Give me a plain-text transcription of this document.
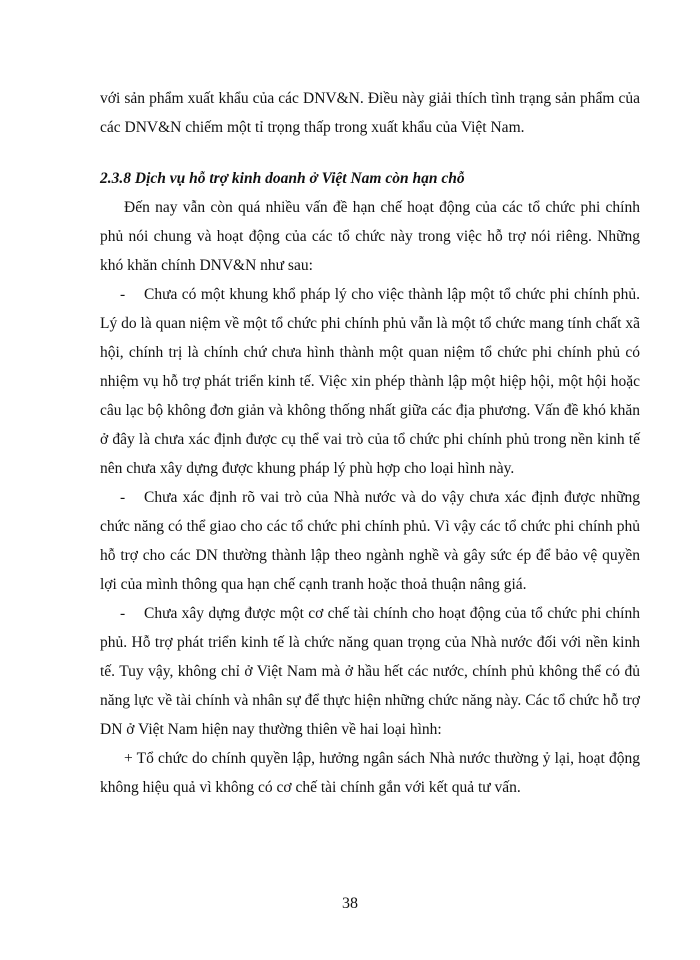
với sản phẩm xuất khẩu của các DNV&N. Điều này giải thích tình trạng sản phẩm của các DNV&N chiếm một tỉ trọng thấp trong xuất khẩu của Việt Nam.

2.3.8 Dịch vụ hỗ trợ kinh doanh ở Việt Nam còn hạn chỗ

Đến nay vẫn còn quá nhiều vấn đề hạn chế hoạt động của các tổ chức phi chính phủ nói chung và hoạt động của các tổ chức này trong việc hỗ trợ nói riêng. Những khó khăn chính DNV&N như sau:

- Chưa có một khung khổ pháp lý cho việc thành lập một tổ chức phi chính phủ. Lý do là quan niệm về một tổ chức phi chính phủ vẫn là một tổ chức mang tính chất xã hội, chính trị là chính chứ chưa hình thành một quan niệm tổ chức phi chính phủ có nhiệm vụ hỗ trợ phát triển kinh tế. Việc xin phép thành lập một hiệp hội, một hội hoặc câu lạc bộ không đơn giản và không thống nhất giữa các địa phương. Vấn đề khó khăn ở đây là chưa xác định được cụ thể vai trò của tổ chức phi chính phủ trong nền kinh tế nên chưa xây dựng được khung pháp lý phù hợp cho loại hình này.

- Chưa xác định rõ vai trò của Nhà nước và do vậy chưa xác định được những chức năng có thể giao cho các tổ chức phi chính phủ. Vì vậy các tổ chức phi chính phủ hỗ trợ cho các DN thường thành lập theo ngành nghề và gây sức ép để bảo vệ quyền lợi của mình thông qua hạn chế cạnh tranh hoặc thoả thuận nâng giá.

- Chưa xây dựng được một cơ chế tài chính cho hoạt động của tổ chức phi chính phủ. Hỗ trợ phát triển kinh tế là chức năng quan trọng của Nhà nước đối với nền kinh tế. Tuy vậy, không chỉ ở Việt Nam mà ở hầu hết các nước, chính phủ không thể có đủ năng lực về tài chính và nhân sự để thực hiện những chức năng này. Các tổ chức hỗ trợ DN ở Việt Nam hiện nay thường thiên về hai loại hình:

+ Tổ chức do chính quyền lập, hưởng ngân sách Nhà nước thường ỷ lại, hoạt động không hiệu quả vì không có cơ chế tài chính gắn với kết quả tư vấn.

38
